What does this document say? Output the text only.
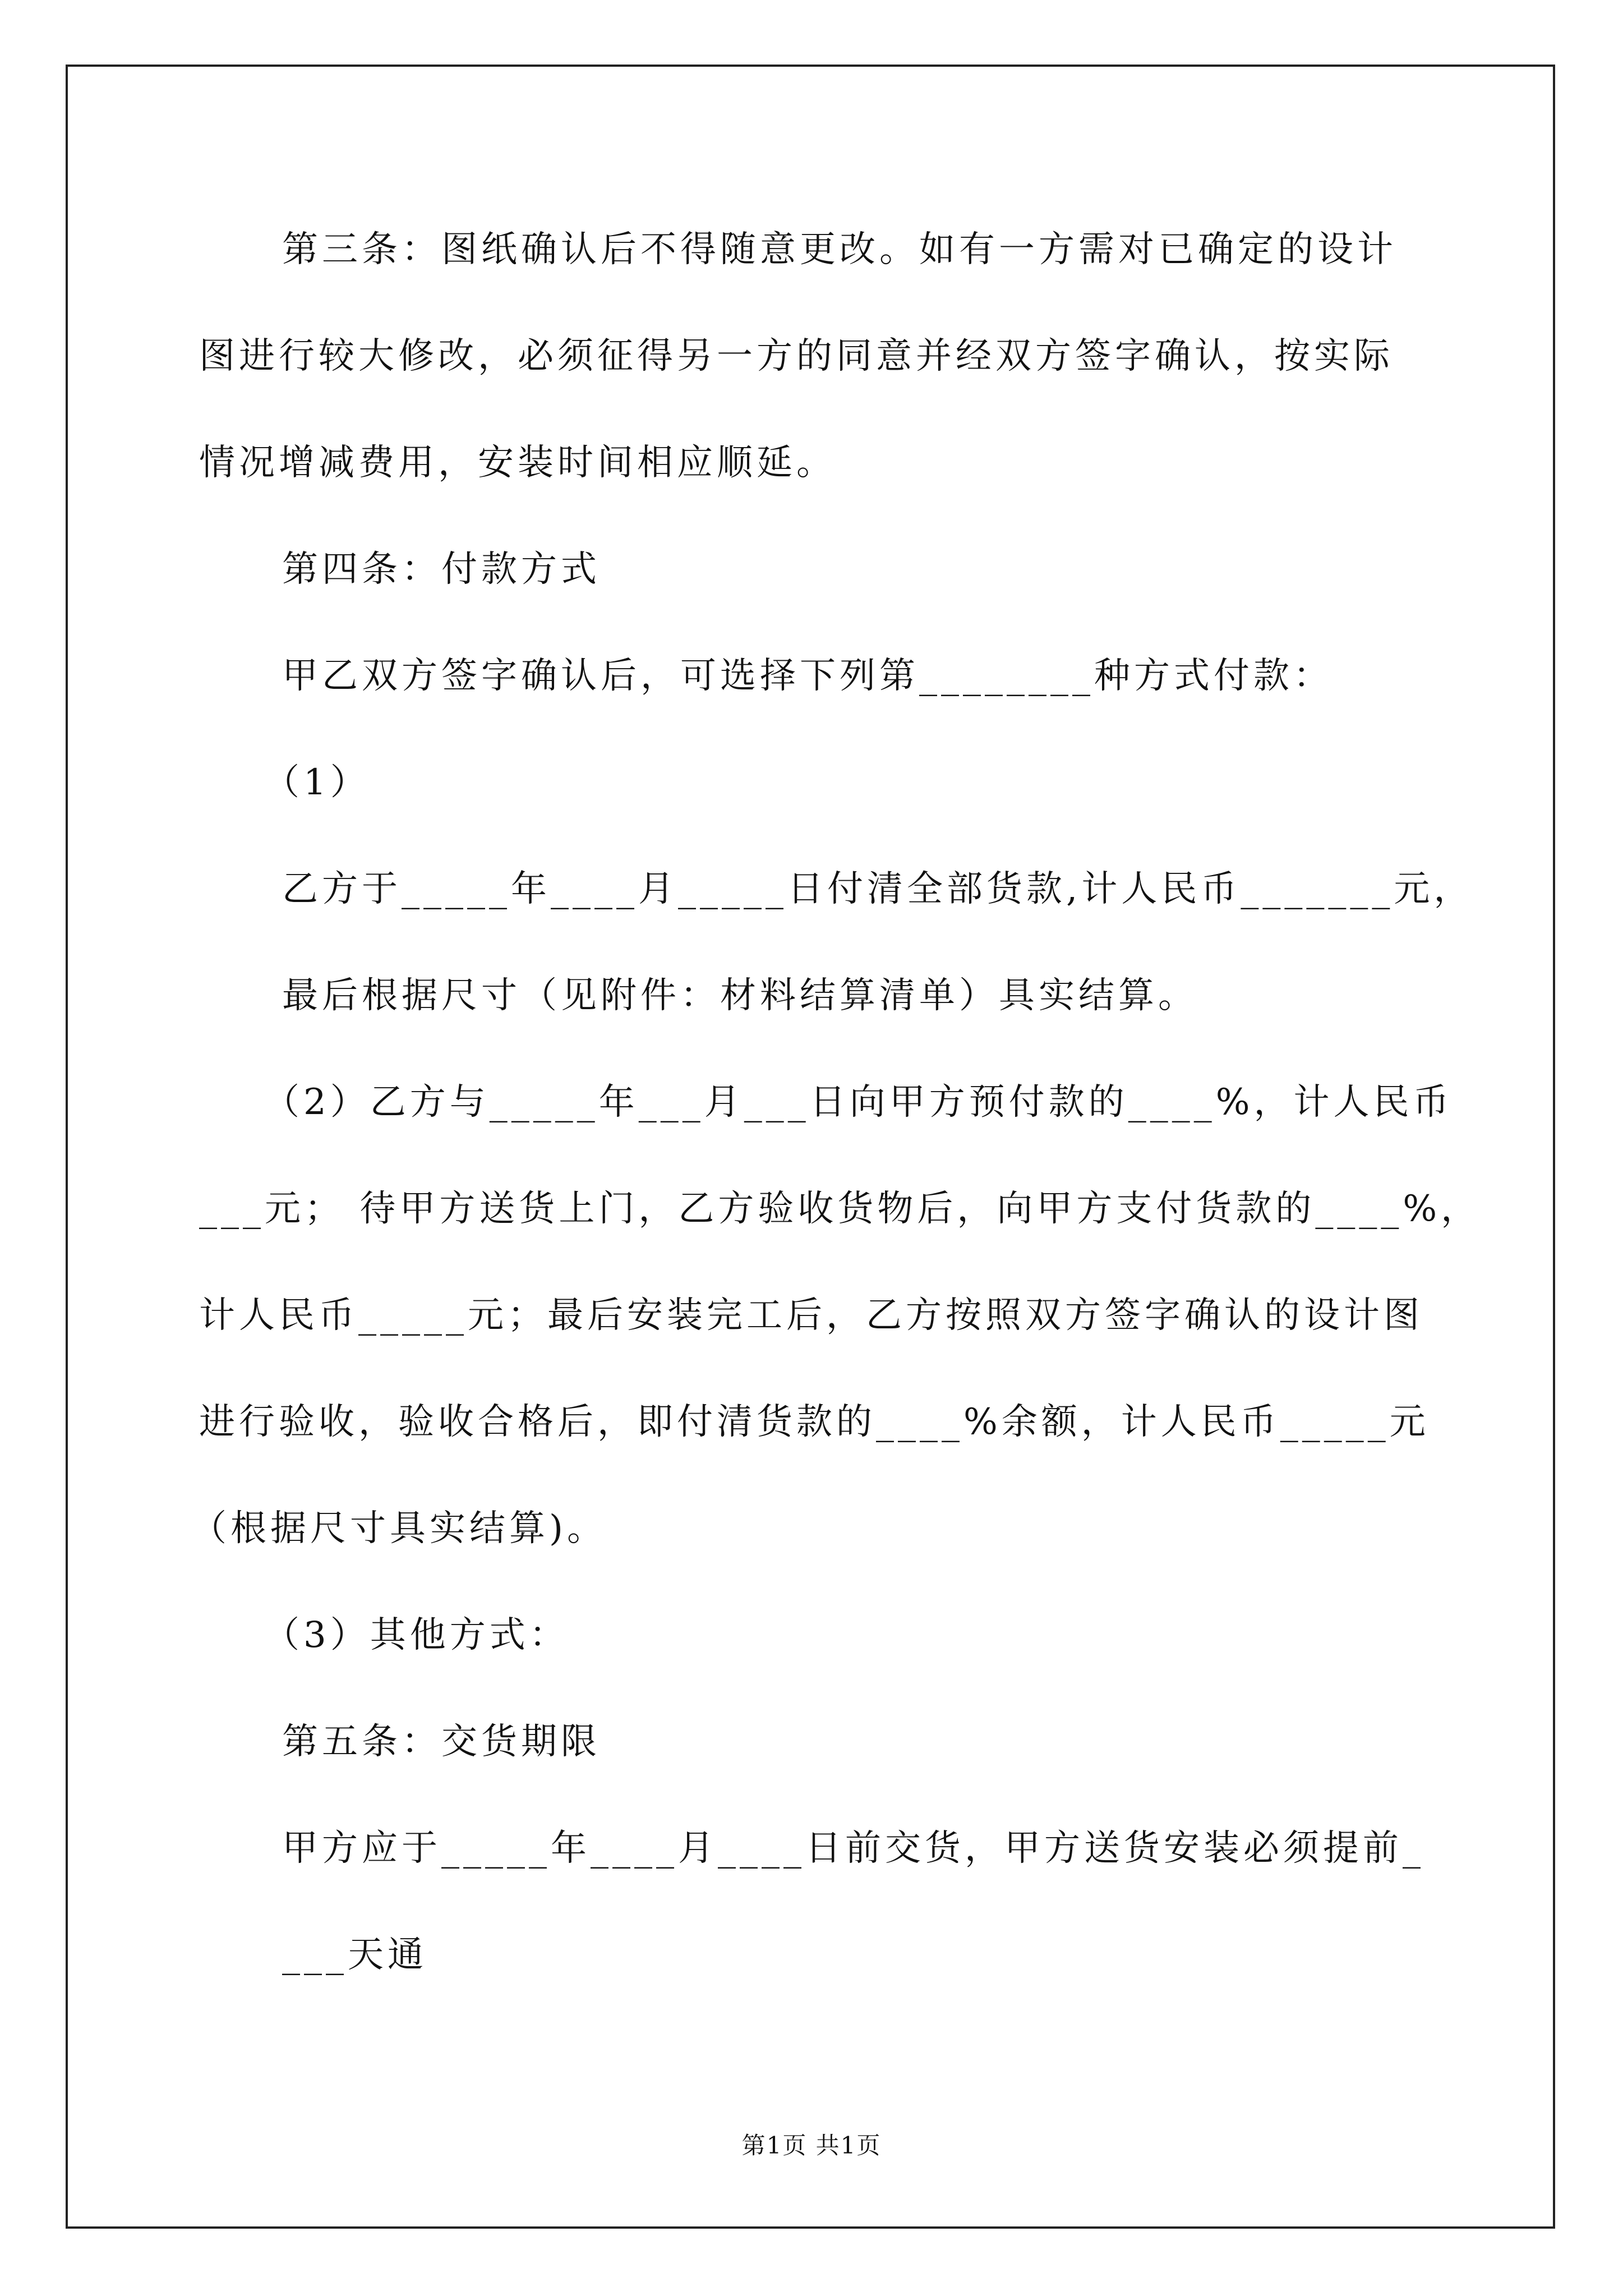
第三条：图纸确认后不得随意更改。如有一方需对已确定的设计
图进行较大修改，必须征得另一方的同意并经双方签字确认，按实际
情况增减费用，安装时间相应顺延。
第四条：付款方式
甲乙双方签字确认后，可选择下列第________种方式付款：
（1）
乙方于_____年____月_____日付清全部货款,计人民币_______元，
最后根据尺寸（见附件：材料结算清单）具实结算。
（2）乙方与_____年___月___日向甲方预付款的____%，计人民币
___元； 待甲方送货上门，乙方验收货物后，向甲方支付货款的____%，
计人民币_____元；最后安装完工后，乙方按照双方签字确认的设计图
进行验收，验收合格后，即付清货款的____%余额，计人民币_____元
（根据尺寸具实结算)。
（3）其他方式：
第五条：交货期限
甲方应于_____年____月____日前交货，甲方送货安装必须提前_
___天通
第1页 共1页
